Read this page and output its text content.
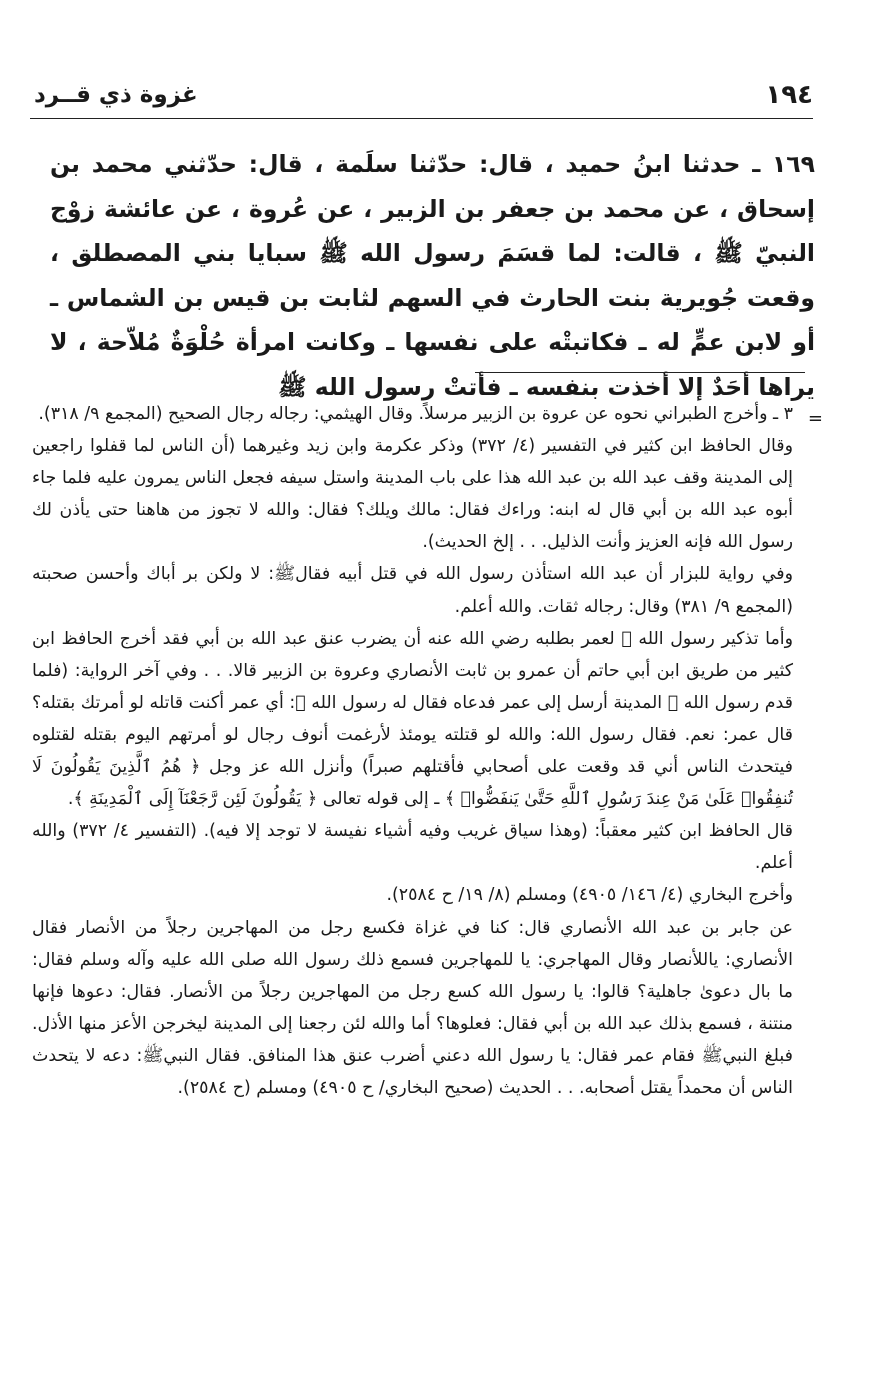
١٩٤
غزوة ذي قــرد

١٦٩ ـ حدثنا ابنُ حميد ، قال: حدّثنا سلَمة ، قال: حدّثني محمد بن إسحاق ، عن محمد بن جعفر بن الزبير ، عن عُروة ، عن عائشة زوْج النبيّ ﷺ ، قالت: لما قسَمَ رسول الله ﷺ سبايا بني المصطلق ، وقعت جُويرية بنت الحارث في السهم لثابت بن قيس بن الشماس ـ أو لابن عمٍّ له ـ فكاتبتْه على نفسها ـ وكانت امرأة حُلْوَةٌ مُلاّحة ، لا يراها أحَدٌ إلا أخذت بنفسه ـ فأتتْ رسول الله ﷺ

=

٣ ـ وأخرج الطبراني نحوه عن عروة بن الزبير مرسلاً. وقال الهيثمي: رجاله رجال الصحيح (المجمع ٩/ ٣١٨).

وقال الحافظ ابن كثير في التفسير (٤/ ٣٧٢) وذكر عكرمة وابن زيد وغيرهما (أن الناس لما قفلوا راجعين إلى المدينة وقف عبد الله بن عبد الله هذا على باب المدينة واستل سيفه فجعل الناس يمرون عليه فلما جاء أبوه عبد الله بن أبي قال له ابنه: وراءك فقال: مالك ويلك؟ فقال: والله لا تجوز من هاهنا حتى يأذن لك رسول الله فإنه العزيز وأنت الذليل. . . إلخ الحديث).

وفي رواية للبزار أن عبد الله استأذن رسول الله في قتل أبيه فقالﷺ: لا ولكن بر أباك وأحسن صحبته (المجمع ٩/ ٣٨١) وقال: رجاله ثقات. والله أعلم.

وأما تذكير رسول الله ﷺ لعمر بطلبه رضي الله عنه أن يضرب عنق عبد الله بن أبي فقد أخرج الحافظ ابن كثير من طريق ابن أبي حاتم أن عمرو بن ثابت الأنصاري وعروة بن الزبير قالا. . . وفي آخر الرواية: (فلما قدم رسول الله ﷺ المدينة أرسل إلى عمر فدعاه فقال له رسول الله ﷺ: أي عمر أكنت قاتله لو أمرتك بقتله؟ قال عمر: نعم. فقال رسول الله: والله لو قتلته يومئذ لأرغمت أنوف رجال لو أمرتهم اليوم بقتله لقتلوه فيتحدث الناس أني قد وقعت على أصحابي فأقتلهم صبراً) وأنزل الله عز وجل ﴿ هُمُ ٱلَّذِينَ يَقُولُونَ لَا تُنفِقُوا۟ عَلَىٰ مَنْ عِندَ رَسُولِ ٱللَّهِ حَتَّىٰ يَنفَضُّوا۟ ﴾ ـ إلى قوله تعالى ﴿ يَقُولُونَ لَئِن رَّجَعْنَآ إِلَى ٱلْمَدِينَةِ ﴾.

قال الحافظ ابن كثير معقباً: (وهذا سياق غريب وفيه أشياء نفيسة لا توجد إلا فيه). (التفسير ٤/ ٣٧٢) والله أعلم.

وأخرج البخاري (٤/ ١٤٦/ ٤٩٠٥) ومسلم (٨/ ١٩/ ح ٢٥٨٤).

عن جابر بن عبد الله الأنصاري قال: كنا في غزاة فكسع رجل من المهاجرين رجلاً من الأنصار فقال الأنصاري: ياللأنصار وقال المهاجري: يا للمهاجرين فسمع ذلك رسول الله صلى الله عليه وآله وسلم فقال: ما بال دعوىٰ جاهلية؟ قالوا: يا رسول الله كسع رجل من المهاجرين رجلاً من الأنصار. فقال: دعوها فإنها منتنة ، فسمع بذلك عبد الله بن أبي فقال: فعلوها؟ أما والله لئن رجعنا إلى المدينة ليخرجن الأعز منها الأذل. فبلغ النبيﷺ فقام عمر فقال: يا رسول الله دعني أضرب عنق هذا المنافق. فقال النبيﷺ: دعه لا يتحدث الناس أن محمداً يقتل أصحابه. . . الحديث (صحيح البخاري/ ح ٤٩٠٥) ومسلم (ح ٢٥٨٤).
